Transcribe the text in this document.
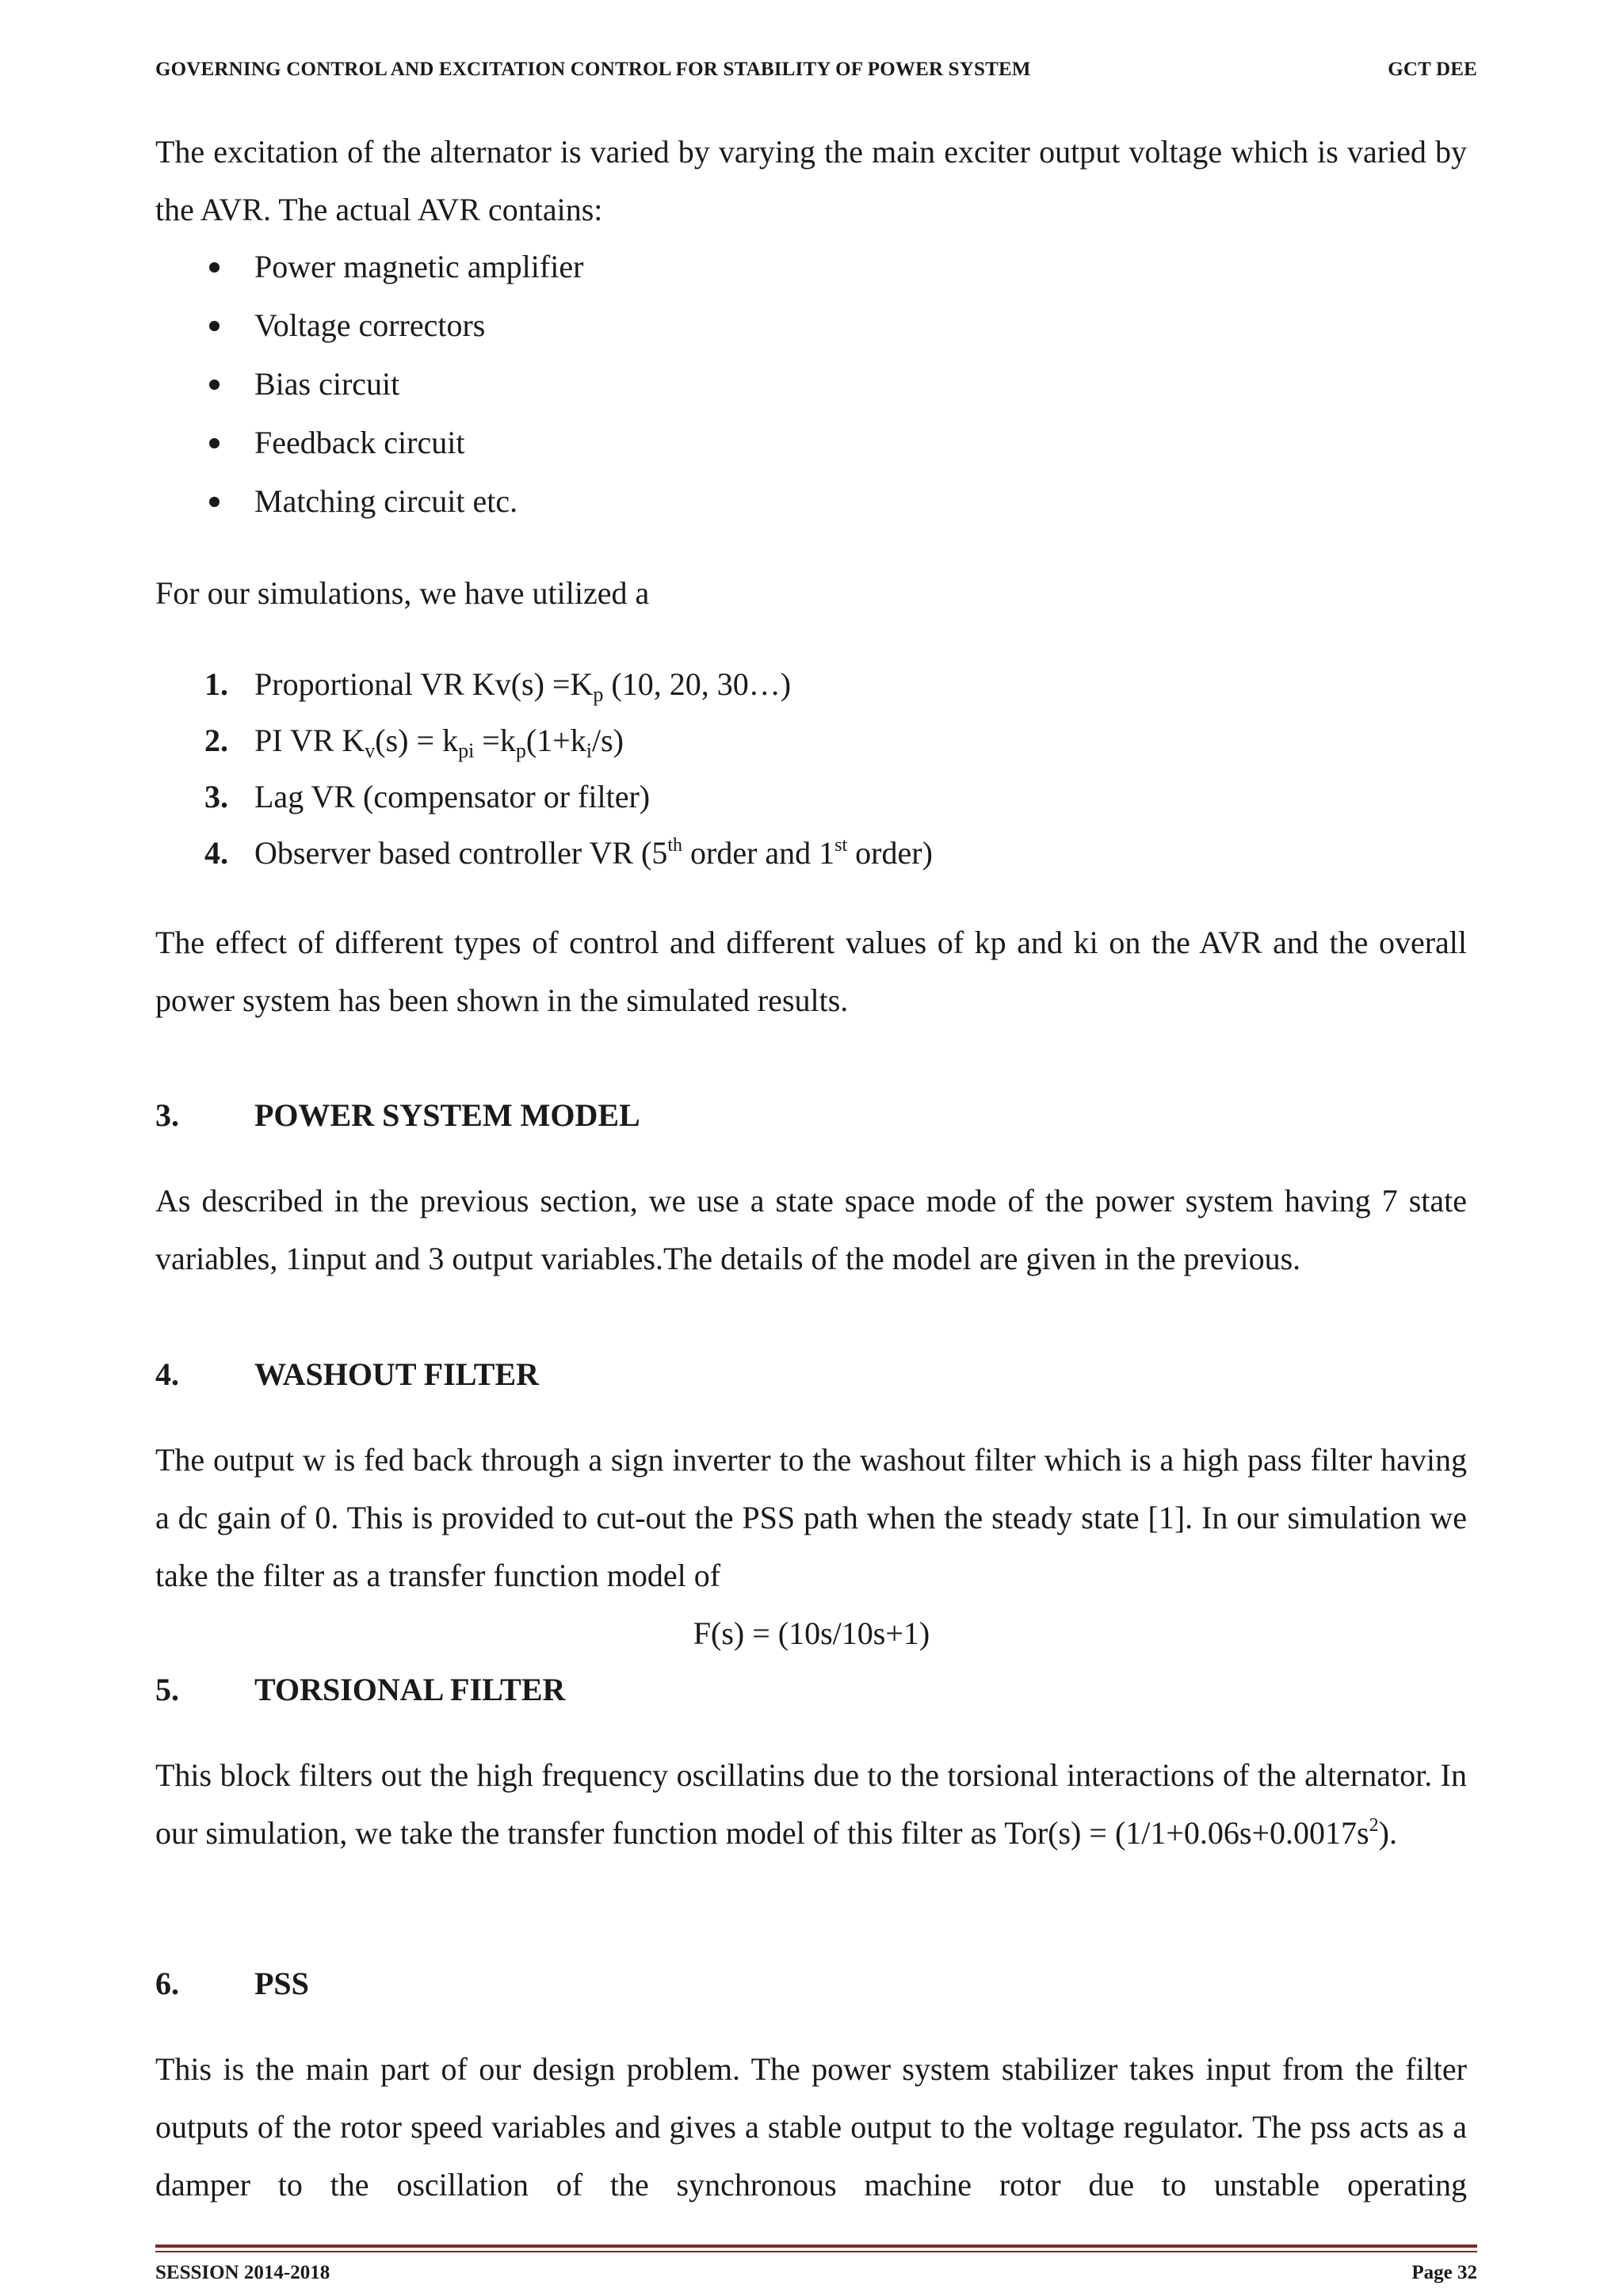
GOVERNING CONTROL AND EXCITATION CONTROL FOR STABILITY OF POWER SYSTEM	GCT DEE

The excitation of the alternator is varied by varying the main exciter output voltage which is varied by the AVR. The actual AVR contains:

Power magnetic amplifier
Voltage correctors
Bias circuit
Feedback circuit
Matching circuit etc.

For our simulations, we have utilized a

1. Proportional VR $Kv(s) =K_p$ (10, 20, 30…)
2. PI VR $K_v(s) = k_{pi} =k_p(1+k_i/s)$
3. Lag VR (compensator or filter)
4. Observer based controller VR (5th order and 1st order)

The effect of different types of control and different values of kp and ki on the AVR and the overall power system has been shown in the simulated results.

3. POWER SYSTEM MODEL

As described in the previous section, we use a state space mode of the power system having 7 state variables, 1input and 3 output variables.The details of the model are given in the previous.

4. WASHOUT FILTER

The output w is fed back through a sign inverter to the washout filter which is a high pass filter having a dc gain of 0. This is provided to cut-out the PSS path when the steady state [1]. In our simulation we take the filter as a transfer function model of

F(s) = (10s/10s+1)
5. TORSIONAL FILTER

This block filters out the high frequency oscillatins due to the torsional interactions of the alternator. In our simulation, we take the transfer function model of this filter as $Tor(s) = (1/1+0.06s+0.0017s^2)$.

6. PSS

This is the main part of our design problem. The power system stabilizer takes input from the filter outputs of the rotor speed variables and gives a stable output to the voltage regulator. The pss acts as a damper to the oscillation of the synchronous machine rotor due to unstable operating

SESSION 2014-2018	Page 32
